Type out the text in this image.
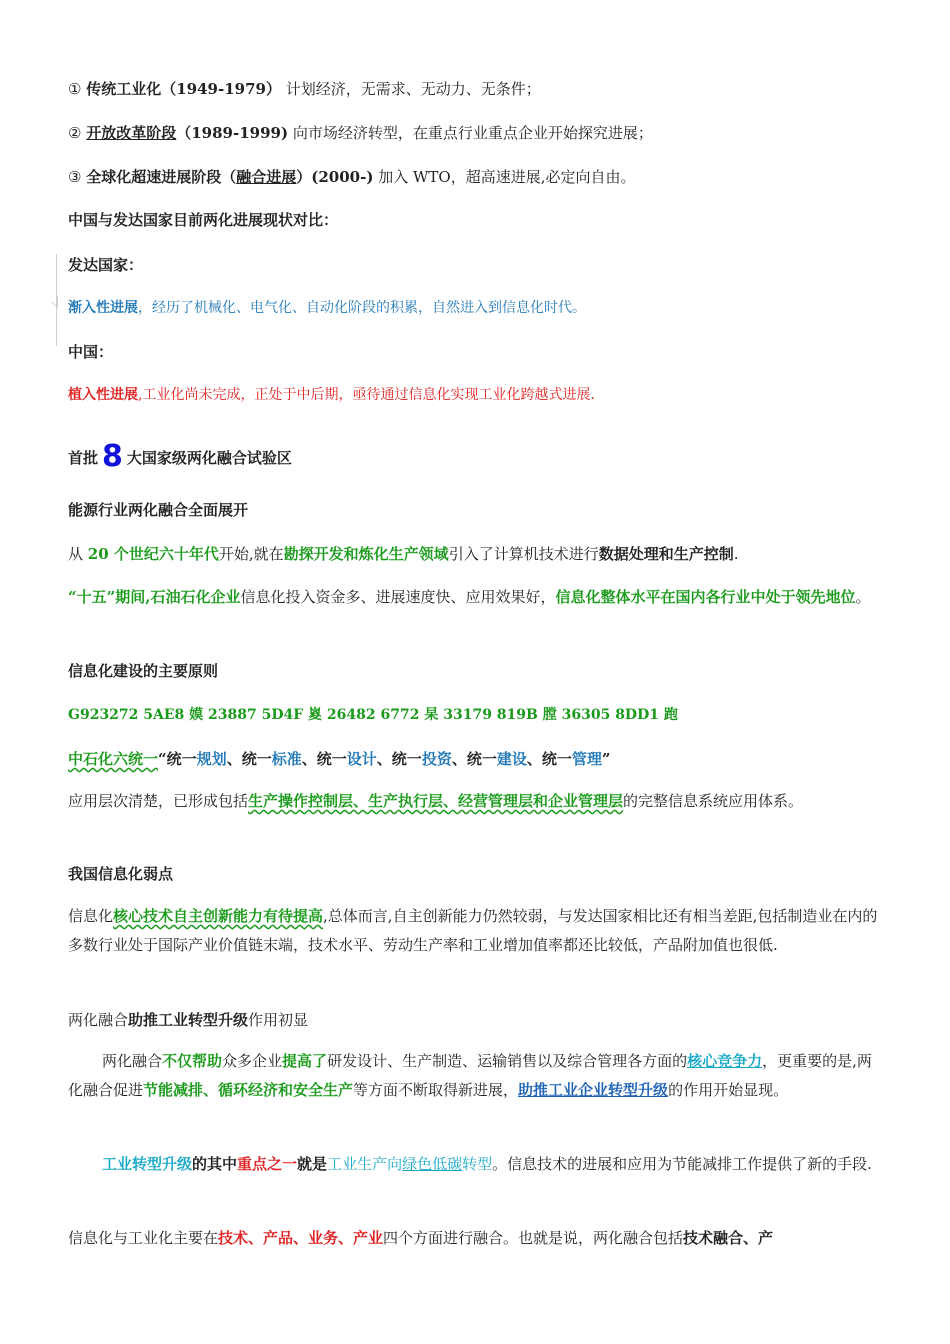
① 传统工业化（1949-1979） 计划经济，无需求、无动力、无条件；
② 开放改革阶段（1989-1999) 向市场经济转型，在重点行业重点企业开始探究进展；
③ 全球化超速进展阶段（融合进展）(2000-) 加入 WTO，超高速进展,必定向自由。
中国与发达国家目前两化进展现状对比：
发达国家：
渐入性进展，经历了机械化、电气化、自动化阶段的积累，自然进入到信息化时代。
中国：
植入性进展,工业化尚未完成，正处于中后期，亟待通过信息化实现工业化跨越式进展.
首批 8 大国家级两化融合试验区
能源行业两化融合全面展开
从 20 个世纪六十年代开始,就在勘探开发和炼化生产领域引入了计算机技术进行数据处理和生产控制.
“十五”期间,石油石化企业信息化投入资金多、进展速度快、应用效果好，信息化整体水平在国内各行业中处于领先地位。
信息化建设的主要原则
G923272 5AE8 嫫 23887 5D4F 嵏 26482 6772 杲 33179 819B 膛 36305 8DD1 跑
中石化六统一“统一规划、统一标准、统一设计、统一投资、统一建设、统一管理”
应用层次清楚，已形成包括生产操作控制层、生产执行层、经营管理层和企业管理层的完整信息系统应用体系。
我国信息化弱点
信息化核心技术自主创新能力有待提高,总体而言,自主创新能力仍然较弱，与发达国家相比还有相当差距,包括制造业在内的多数行业处于国际产业价值链末端，技术水平、劳动生产率和工业增加值率都还比较低，产品附加值也很低.
两化融合助推工业转型升级作用初显
两化融合不仅帮助众多企业提高了研发设计、生产制造、运输销售以及综合管理各方面的核心竞争力，更重要的是,两化融合促进节能减排、循环经济和安全生产等方面不断取得新进展，助推工业企业转型升级的作用开始显现。
工业转型升级的其中重点之一就是工业生产向绿色低碳转型。信息技术的进展和应用为节能减排工作提供了新的手段.
信息化与工业化主要在技术、产品、业务、产业四个方面进行融合。也就是说，两化融合包括技术融合、产
